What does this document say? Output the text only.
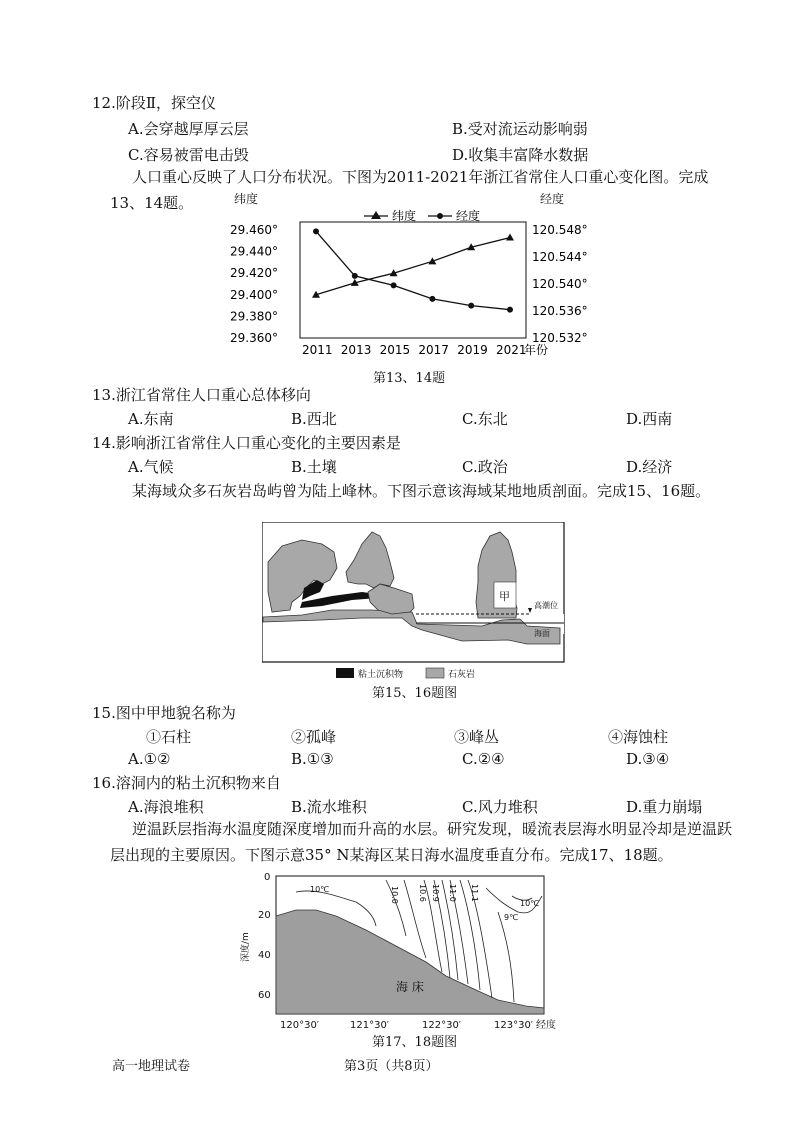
12.阶段Ⅱ，探空仪
A.会穿越厚厚云层	B.受对流运动影响弱
C.容易被雷电击毁	D.收集丰富降水数据
人口重心反映了人口分布状况。下图为2011-2021年浙江省常住人口重心变化图。完成13、14题。	纬度	经度
29.460°
29.440°
29.420°
29.400°
29.380°
29.360°
120.548°
120.544°
120.540°
120.536°
120.532°
2011 2013 2015 2017 2019 2021
年份
纬度	经度
第13、14题
13.浙江省常住人口重心总体移向
A.东南	B.西北	C.东北	D.西南
14.影响浙江省常住人口重心变化的主要因素是
A.气候	B.土壤	C.政治	D.经济
某海域众多石灰岩岛屿曾为陆上峰林。下图示意该海域某地地质剖面。完成15、16题。
甲
高潮位
海面
粘土沉积物	石灰岩
第15、16题图
15.图中甲地貌名称为
①石柱	②孤峰	③峰丛	④海蚀柱
A.①②	B.①③	C.②④	D.③④
16.溶洞内的粘土沉积物来自
A.海浪堆积	B.流水堆积	C.风力堆积	D.重力崩塌
逆温跃层指海水温度随深度增加而升高的水层。研究发现，暖流表层海水明显冷却是逆温跃层出现的主要原因。下图示意35° N某海区某日海水温度垂直分布。完成17、18题。
海 床
10℃
10℃
9℃
10.0 10.6 10.9 11.0 11.1
深度/m
0
20
40
60
120°30′	121°30′	122°30′	123°30′ 经度
第17、18题图
高一地理试卷	第3页（共8页）
